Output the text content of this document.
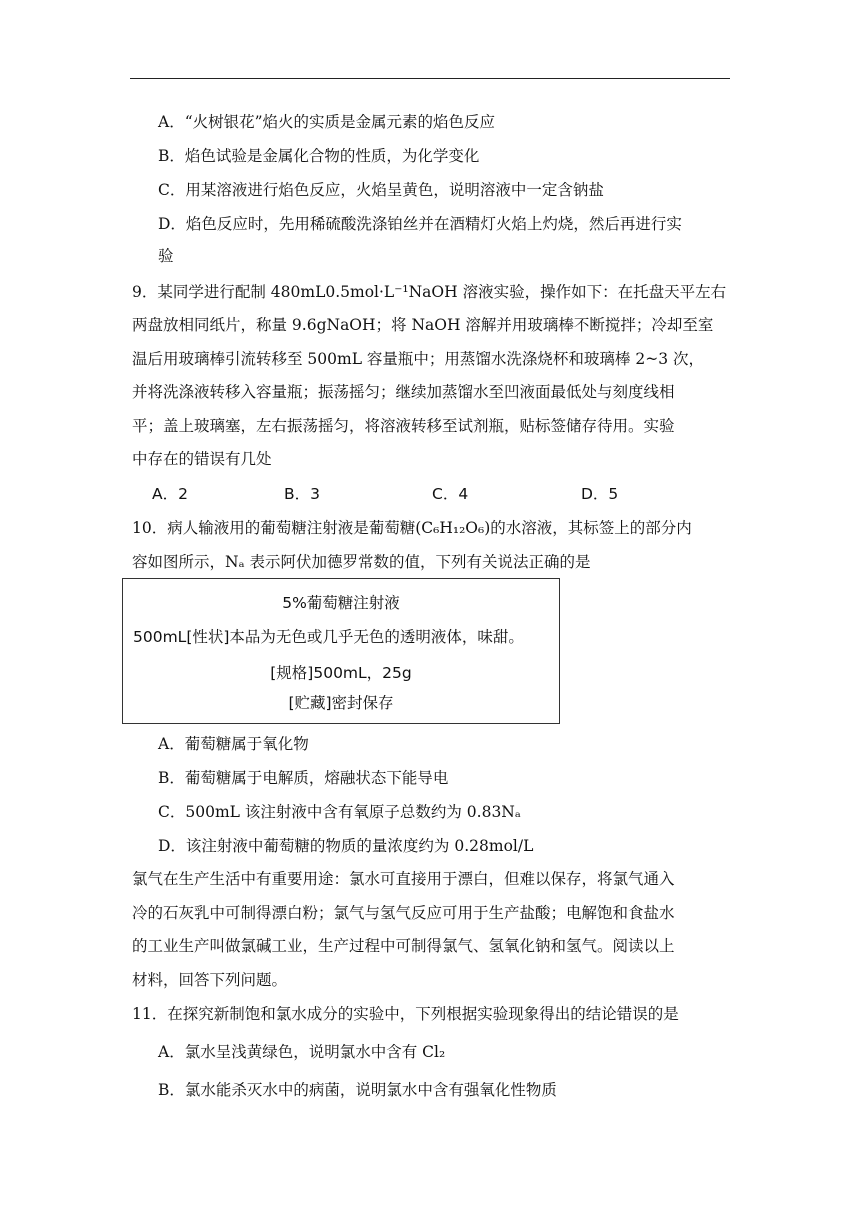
A．“火树银花”焰火的实质是金属元素的焰色反应
B．焰色试验是金属化合物的性质，为化学变化
C．用某溶液进行焰色反应，火焰呈黄色，说明溶液中一定含钠盐
D．焰色反应时，先用稀硫酸洗涤铂丝并在酒精灯火焰上灼烧，然后再进行实
验
9．某同学进行配制 480mL0.5mol·L⁻¹NaOH 溶液实验，操作如下：在托盘天平左右
两盘放相同纸片，称量 9.6gNaOH；将 NaOH 溶解并用玻璃棒不断搅拌；冷却至室
温后用玻璃棒引流转移至 500mL 容量瓶中；用蒸馏水洗涤烧杯和玻璃棒 2~3 次，
并将洗涤液转移入容量瓶；振荡摇匀；继续加蒸馏水至凹液面最低处与刻度线相
平；盖上玻璃塞，左右振荡摇匀，将溶液转移至试剂瓶，贴标签储存待用。实验
中存在的错误有几处
A．2	B．3	C．4	D．5
10．病人输液用的葡萄糖注射液是葡萄糖(C₆H₁₂O₆)的水溶液，其标签上的部分内
容如图所示，Nₐ 表示阿伏加德罗常数的值，下列有关说法正确的是
5%葡萄糖注射液
500mL[性状]本品为无色或几乎无色的透明液体，味甜。
[规格]500mL，25g
[贮藏]密封保存
A．葡萄糖属于氧化物
B．葡萄糖属于电解质，熔融状态下能导电
C．500mL 该注射液中含有氧原子总数约为 0.83Nₐ
D．该注射液中葡萄糖的物质的量浓度约为 0.28mol/L
氯气在生产生活中有重要用途：氯水可直接用于漂白，但难以保存，将氯气通入
冷的石灰乳中可制得漂白粉；氯气与氢气反应可用于生产盐酸；电解饱和食盐水
的工业生产叫做氯碱工业，生产过程中可制得氯气、氢氧化钠和氢气。阅读以上
材料，回答下列问题。
11．在探究新制饱和氯水成分的实验中，下列根据实验现象得出的结论错误的是
A．氯水呈浅黄绿色，说明氯水中含有 Cl₂
B．氯水能杀灭水中的病菌，说明氯水中含有强氧化性物质
